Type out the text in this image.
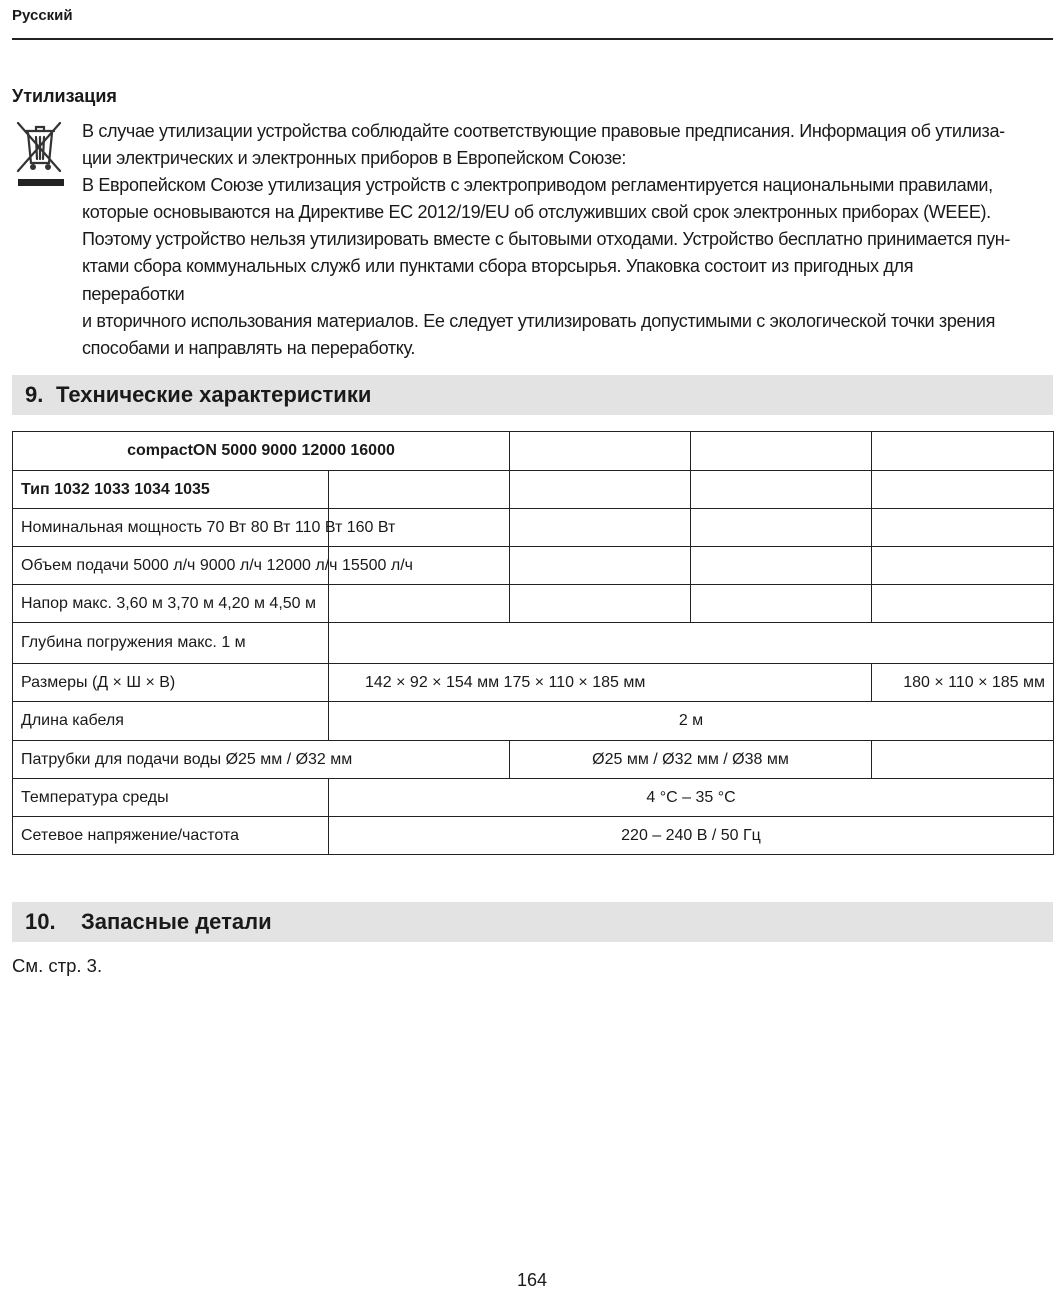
Русский
Утилизация

В случае утилизации устройства соблюдайте соответствующие правовые предписания. Информация об утилиза-

ции электрических и электронных приборов в Европейском Союзе:

В Европейском Союзе утилизация устройств с электроприводом регламентируется национальными правилами,

которые основываются на Директиве ЕС 2012/19/EU об отслуживших свой срок электронных приборах (WEEE).

Поэтому устройство нельзя утилизировать вместе с бытовыми отходами. Устройство бесплатно принимается пун-

ктами сбора коммунальных служб или пунктами сбора вторсырья. Упаковка состоит из пригодных для переработки

и вторичного использования материалов. Ее следует утилизировать допустимыми с экологической точки зрения

способами и направлять на переработку.

9. Технические характеристики
compactON 5000 9000 12000 16000				
Тип 1032 1033 1034 1035				
Номинальная мощность 70 Вт 80 Вт 110 Вт 160 Вт				
Объем подачи 5000 л/ч 9000 л/ч 12000 л/ч 15500 л/ч				
Напор макс. 3,60 м 3,70 м 4,20 м 4,50 м				
Глубина погружения макс. 1 м				
Размеры (Д × Ш × В)	142 × 92 × 154 мм 175 × 110 × 185 мм			180 × 110 × 185 мм
Длина кабеля	2 м			
Патрубки для подачи воды Ø25 мм / Ø32 мм		Ø25 мм / Ø32 мм / Ø38 мм		
Температура среды	4 °C – 35 °C			
Сетевое напряжение/частота	220 – 240 В / 50 Гц			
10. Запасные детали
См. стр. 3.
164
